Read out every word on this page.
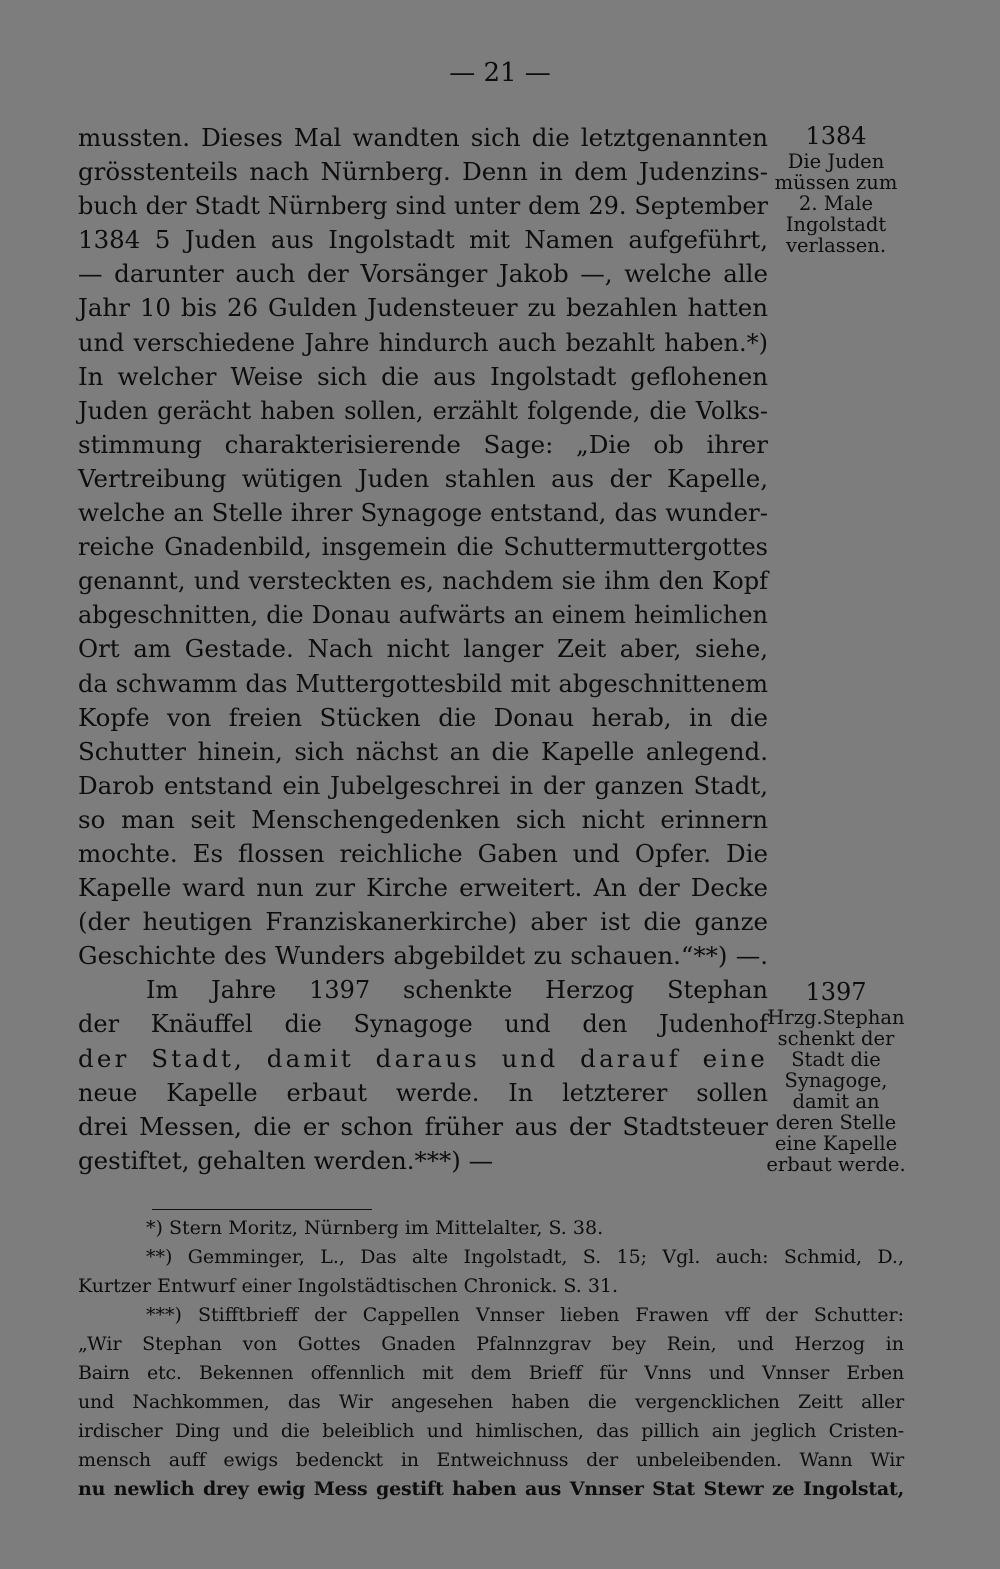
— 21 —
mussten. Dieses Mal wandten sich die letztgenannten
grösstenteils nach Nürnberg. Denn in dem Judenzins-
buch der Stadt Nürnberg sind unter dem 29. September
1384 5 Juden aus Ingolstadt mit Namen aufgeführt,
— darunter auch der Vorsänger Jakob —, welche alle
Jahr 10 bis 26 Gulden Judensteuer zu bezahlen hatten
und verschiedene Jahre hindurch auch bezahlt haben.*)
In welcher Weise sich die aus Ingolstadt geflohenen
Juden gerächt haben sollen, erzählt folgende, die Volks-
stimmung charakterisierende Sage: „Die ob ihrer
Vertreibung wütigen Juden stahlen aus der Kapelle,
welche an Stelle ihrer Synagoge entstand, das wunder-
reiche Gnadenbild, insgemein die Schuttermuttergottes
genannt, und versteckten es, nachdem sie ihm den Kopf
abgeschnitten, die Donau aufwärts an einem heimlichen
Ort am Gestade. Nach nicht langer Zeit aber, siehe,
da schwamm das Muttergottesbild mit abgeschnittenem
Kopfe von freien Stücken die Donau herab, in die
Schutter hinein, sich nächst an die Kapelle anlegend.
Darob entstand ein Jubelgeschrei in der ganzen Stadt,
so man seit Menschengedenken sich nicht erinnern
mochte. Es flossen reichliche Gaben und Opfer. Die
Kapelle ward nun zur Kirche erweitert. An der Decke
(der heutigen Franziskanerkirche) aber ist die ganze
Geschichte des Wunders abgebildet zu schauen.“**) —.
Im Jahre 1397 schenkte Herzog Stephan
der Knäuffel die Synagoge und den Judenhof
der Stadt, damit daraus und darauf eine
neue Kapelle erbaut werde. In letzterer sollen
drei Messen, die er schon früher aus der Stadtsteuer
gestiftet, gehalten werden.***) —
1384
Die Juden
müssen zum
2. Male
Ingolstadt
verlassen.
1397
Hrzg.Stephan
schenkt der
Stadt die
Synagoge,
damit an
deren Stelle
eine Kapelle
erbaut werde.
*) Stern Moritz, Nürnberg im Mittelalter, S. 38.
**) Gemminger, L., Das alte Ingolstadt, S. 15; Vgl. auch: Schmid, D.,
Kurtzer Entwurf einer Ingolstädtischen Chronick. S. 31.
***) Stifftbrieff der Cappellen Vnnser lieben Frawen vff der Schutter:
„Wir Stephan von Gottes Gnaden Pfalnnzgrav bey Rein, und Herzog in
Bairn etc. Bekennen offennlich mit dem Brieff für Vnns und Vnnser Erben
und Nachkommen, das Wir angesehen haben die vergencklichen Zeitt aller
irdischer Ding und die beleiblich und himlischen, das pillich ain jeglich Cristen-
mensch auff ewigs bedenckt in Entweichnuss der unbeleibenden. Wann Wir
nu newlich drey ewig Mess gestift haben aus Vnnser Stat Stewr ze Ingolstat,
